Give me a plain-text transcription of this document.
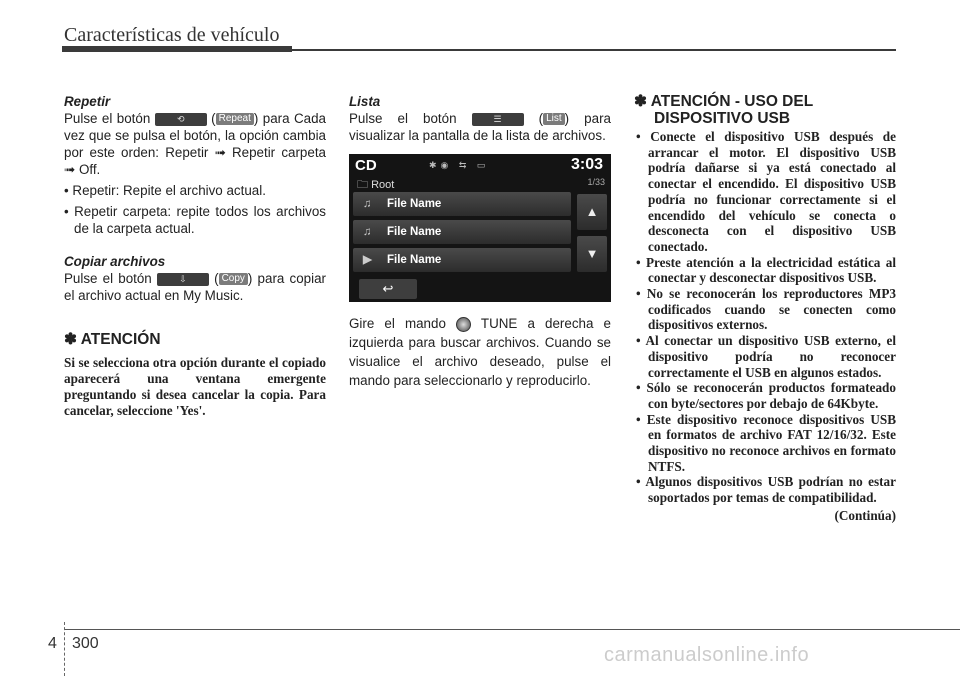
Características de vehículo

Repetir

Pulse el botón	⟲ ( Repeat ) para Cada vez que se pulsa el botón, la opción cambia por este orden: Repetir ➟ Repetir carpeta ➟ Off.

• Repetir: Repite el archivo actual.

• Repetir carpeta: repite todos los archivos de la carpeta actual.

Copiar archivos

Pulse el botón	⇩ ( Copy ) para copiar el archivo actual en My Music.

✽ ATENCIÓN
Si se selecciona otra opción durante el copiado aparecerá una ventana emergente preguntando si desea cancelar la copia. Para cancelar, seleccione 'Yes'.

Lista

Pulse el botón	☰ ( List ) para visualizar la pantalla de la lista de archivos.

CD	✱◉ ⇆ ▭	3:03
🗀 Root	1/33
♫ File Name
♫ File Name
▶ File Name
▲
▼
↩

Gire el mando	TUNE a derecha e izquierda para buscar archivos. Cuando se visualice el archivo deseado, pulse el mando para seleccionarlo y reproducirlo.

✽ ATENCIÓN - USO DEL DISPOSITIVO USB

• Conecte el dispositivo USB después de arrancar el motor. El dispositivo USB podría dañarse si ya está conectado al conectar el encendido. El dispositivo USB podría no funcionar correctamente si el encendido del vehículo se conecta o desconecta con el dispositivo USB conectado.

• Preste atención a la electricidad estática al conectar y desconectar dispositivos USB.

• No se reconocerán los reproductores MP3 codificados cuando se conecten como dispositivos externos.

• Al conectar un dispositivo USB externo, el dispositivo podría no reconocer correctamente el USB en algunos estados.

• Sólo se reconocerán productos formateado con byte/sectores por debajo de 64Kbyte.

• Este dispositivo reconoce dispositivos USB en formatos de archivo FAT 12/16/32. Este dispositivo no reconoce archivos en formato NTFS.

• Algunos dispositivos USB podrían no estar soportados por temas de compatibilidad.

(Continúa)
4 300
carmanualsonline.info
